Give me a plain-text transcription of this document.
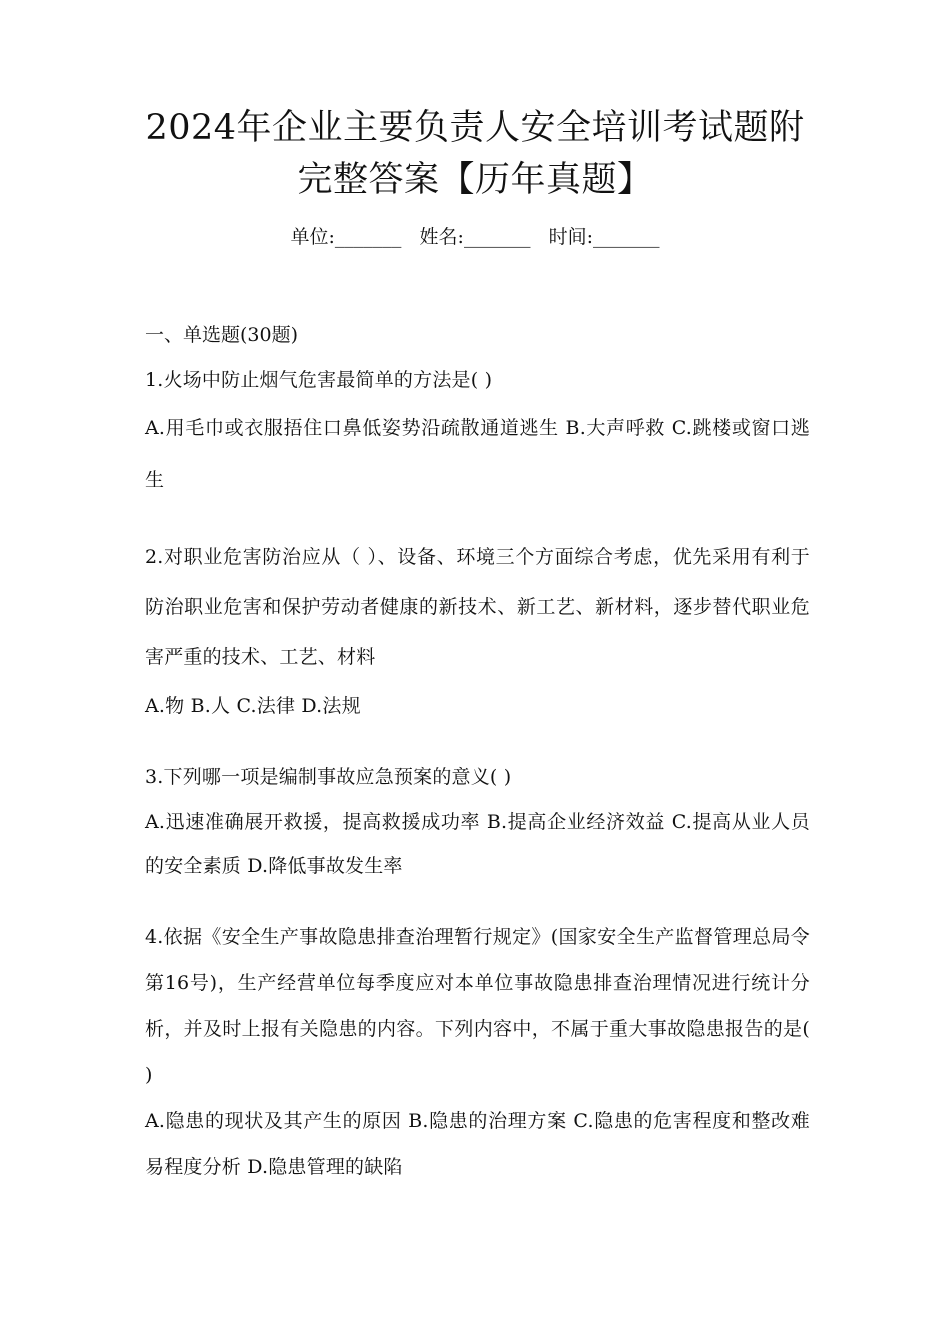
2024年企业主要负责人安全培训考试题附
完整答案【历年真题】
单位:_______ 姓名:_______ 时间:_______
一、单选题(30题)
1.火场中防止烟气危害最简单的方法是( )
A.用毛巾或衣服捂住口鼻低姿势沿疏散通道逃生 B.大声呼救 C.跳楼或窗口逃生
2.对职业危害防治应从（ ）、设备、环境三个方面综合考虑，优先采用有利于防治职业危害和保护劳动者健康的新技术、新工艺、新材料，逐步替代职业危害严重的技术、工艺、材料
A.物 B.人 C.法律 D.法规
3.下列哪一项是编制事故应急预案的意义( )
A.迅速准确展开救援，提高救援成功率 B.提高企业经济效益 C.提高从业人员的安全素质 D.降低事故发生率
4.依据《安全生产事故隐患排查治理暂行规定》(国家安全生产监督管理总局令第16号)，生产经营单位每季度应对本单位事故隐患排查治理情况进行统计分析，并及时上报有关隐患的内容。下列内容中，不属于重大事故隐患报告的是( )
A.隐患的现状及其产生的原因 B.隐患的治理方案 C.隐患的危害程度和整改难易程度分析 D.隐患管理的缺陷
